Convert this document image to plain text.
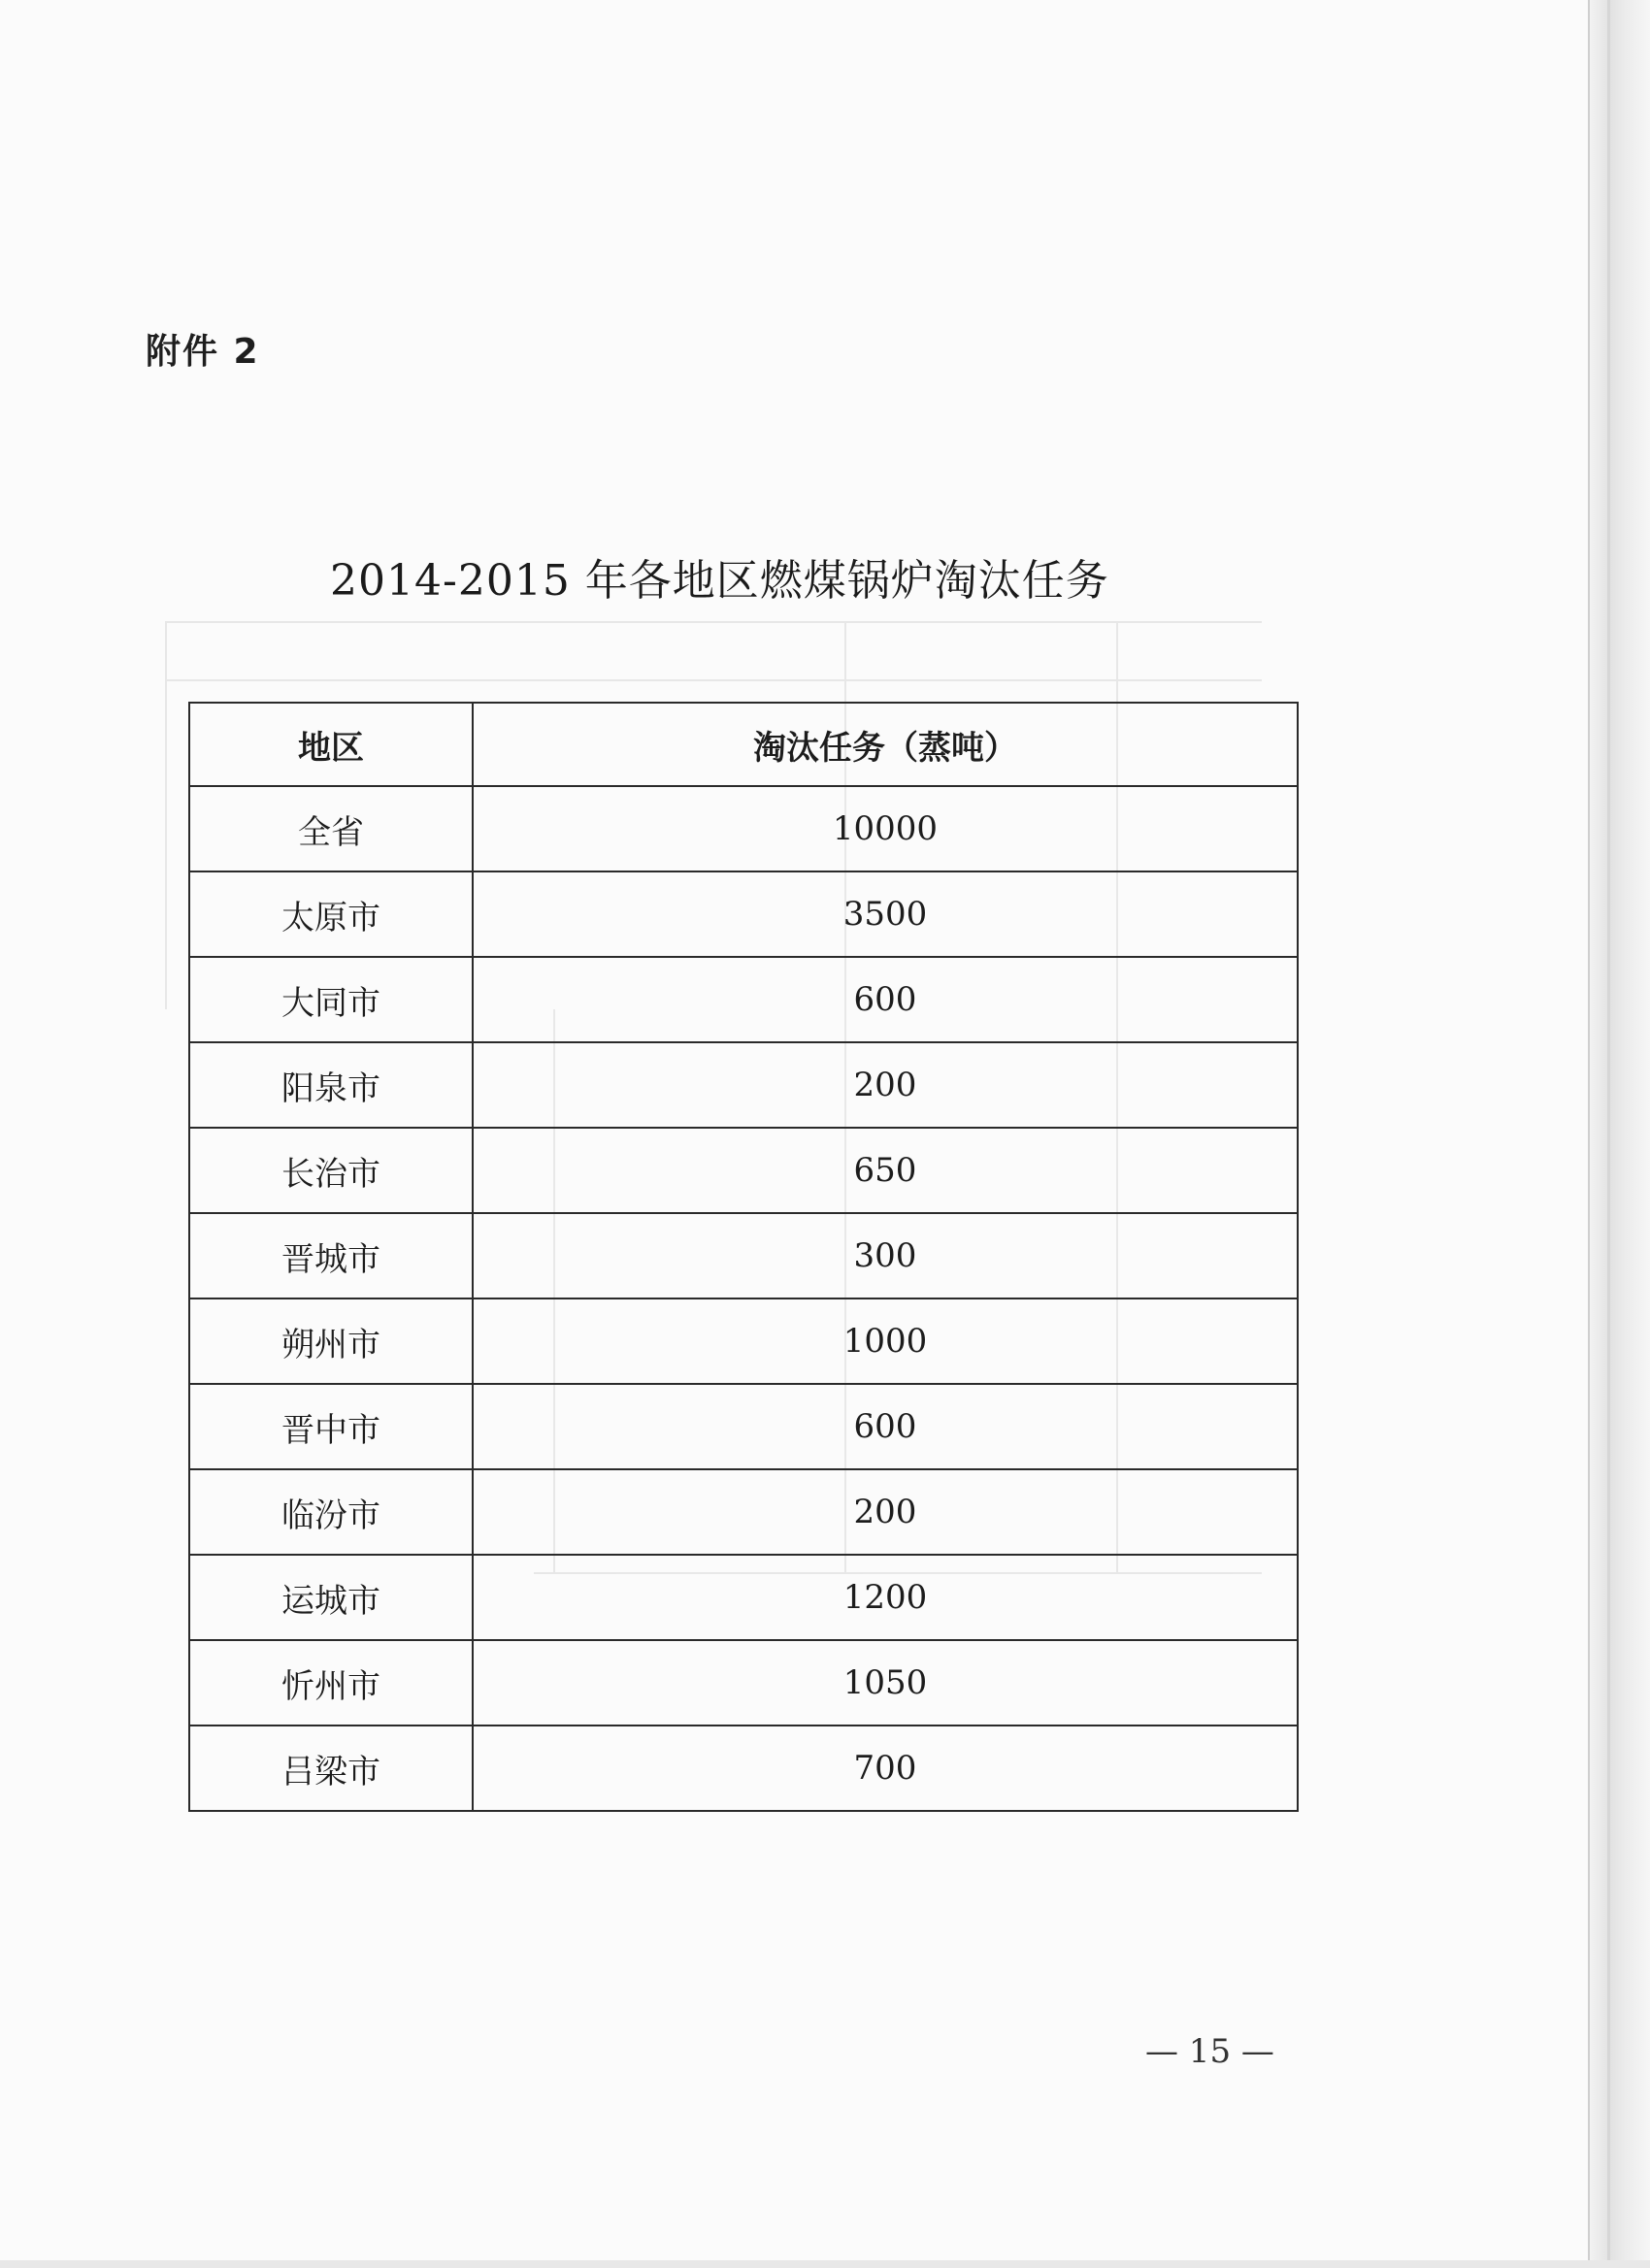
附件 2
2014-2015 年各地区燃煤锅炉淘汰任务
地区	淘汰任务（蒸吨）
全省	10000
太原市	3500
大同市	600
阳泉市	200
长治市	650
晋城市	300
朔州市	1000
晋中市	600
临汾市	200
运城市	1200
忻州市	1050
吕梁市	700
— 15 —
